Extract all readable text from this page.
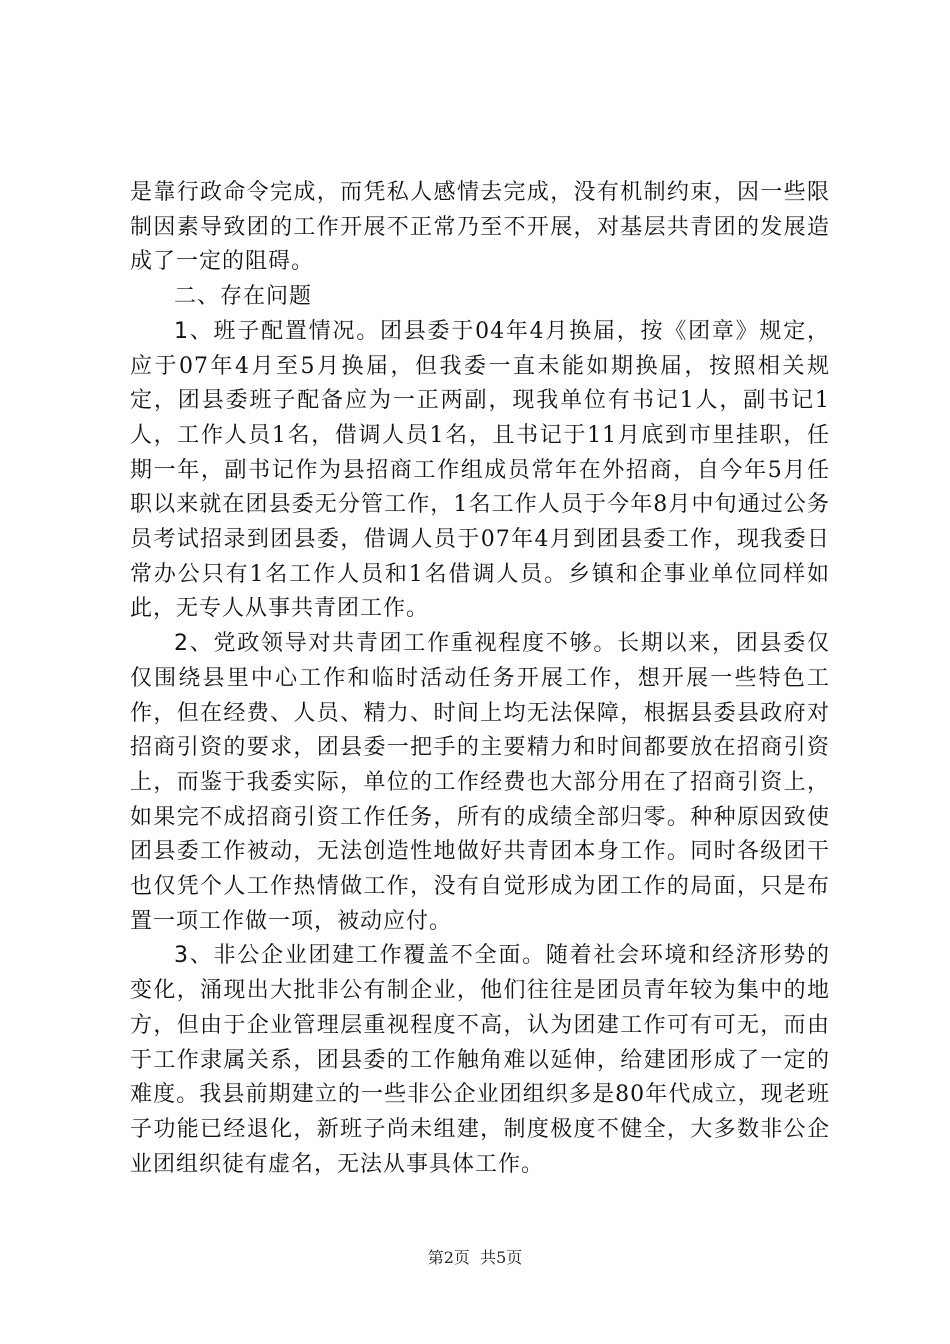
是靠行政命令完成，而凭私人感情去完成，没有机制约束，因一些限制因素导致团的工作开展不正常乃至不开展，对基层共青团的发展造成了一定的阻碍。

二、存在问题

1、班子配置情况。团县委于04年4月换届，按《团章》规定，应于07年4月至5月换届，但我委一直未能如期换届，按照相关规定，团县委班子配备应为一正两副，现我单位有书记1人，副书记1人，工作人员1名，借调人员1名，且书记于11月底到市里挂职，任期一年，副书记作为县招商工作组成员常年在外招商，自今年5月任职以来就在团县委无分管工作，1名工作人员于今年8月中旬通过公务员考试招录到团县委，借调人员于07年4月到团县委工作，现我委日常办公只有1名工作人员和1名借调人员。乡镇和企事业单位同样如此，无专人从事共青团工作。

2、党政领导对共青团工作重视程度不够。长期以来，团县委仅仅围绕县里中心工作和临时活动任务开展工作，想开展一些特色工作，但在经费、人员、精力、时间上均无法保障，根据县委县政府对招商引资的要求，团县委一把手的主要精力和时间都要放在招商引资上，而鉴于我委实际，单位的工作经费也大部分用在了招商引资上，如果完不成招商引资工作任务，所有的成绩全部归零。种种原因致使团县委工作被动，无法创造性地做好共青团本身工作。同时各级团干也仅凭个人工作热情做工作，没有自觉形成为团工作的局面，只是布置一项工作做一项，被动应付。

3、非公企业团建工作覆盖不全面。随着社会环境和经济形势的变化，涌现出大批非公有制企业，他们往往是团员青年较为集中的地方，但由于企业管理层重视程度不高，认为团建工作可有可无，而由于工作隶属关系，团县委的工作触角难以延伸，给建团形成了一定的难度。我县前期建立的一些非公企业团组织多是80年代成立，现老班子功能已经退化，新班子尚未组建，制度极度不健全，大多数非公企业团组织徒有虚名，无法从事具体工作。

第2页 共5页
